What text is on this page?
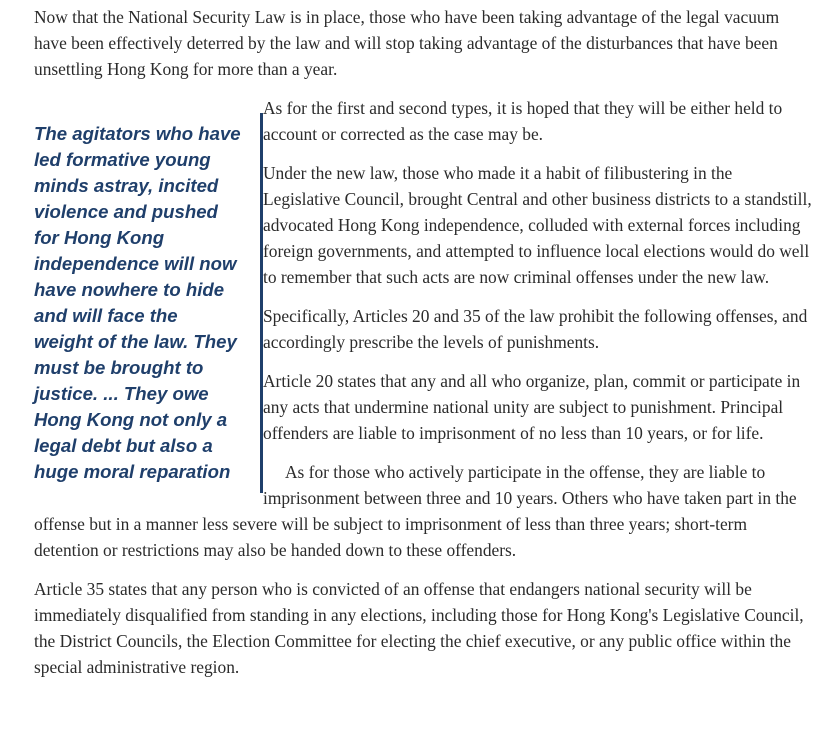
Now that the National Security Law is in place, those who have been taking advantage of the legal vacuum have been effectively deterred by the law and will stop taking advantage of the disturbances that have been unsettling Hong Kong for more than a year.

The agitators who have led formative young minds astray, incited violence and pushed for Hong Kong independence will now have nowhere to hide and will face the weight of the law. They must be brought to justice. ... They owe Hong Kong not only a legal debt but also a huge moral reparation

As for the first and second types, it is hoped that they will be either held to account or corrected as the case may be.

Under the new law, those who made it a habit of filibustering in the Legislative Council, brought Central and other business districts to a standstill, advocated Hong Kong independence, colluded with external forces including foreign governments, and attempted to influence local elections would do well to remember that such acts are now criminal offenses under the new law.

Specifically, Articles 20 and 35 of the law prohibit the following offenses, and accordingly prescribe the levels of punishments.

Article 20 states that any and all who organize, plan, commit or participate in any acts that undermine national unity are subject to punishment. Principal offenders are liable to imprisonment of no less than 10 years, or for life.

As for those who actively participate in the offense, they are liable to imprisonment between three and 10 years. Others who have taken part in the offense but in a manner less severe will be subject to imprisonment of less than three years; short-term detention or restrictions may also be handed down to these offenders.

Article 35 states that any person who is convicted of an offense that endangers national security will be immediately disqualified from standing in any elections, including those for Hong Kong's Legislative Council, the District Councils, the Election Committee for electing the chief executive, or any public office within the special administrative region.
